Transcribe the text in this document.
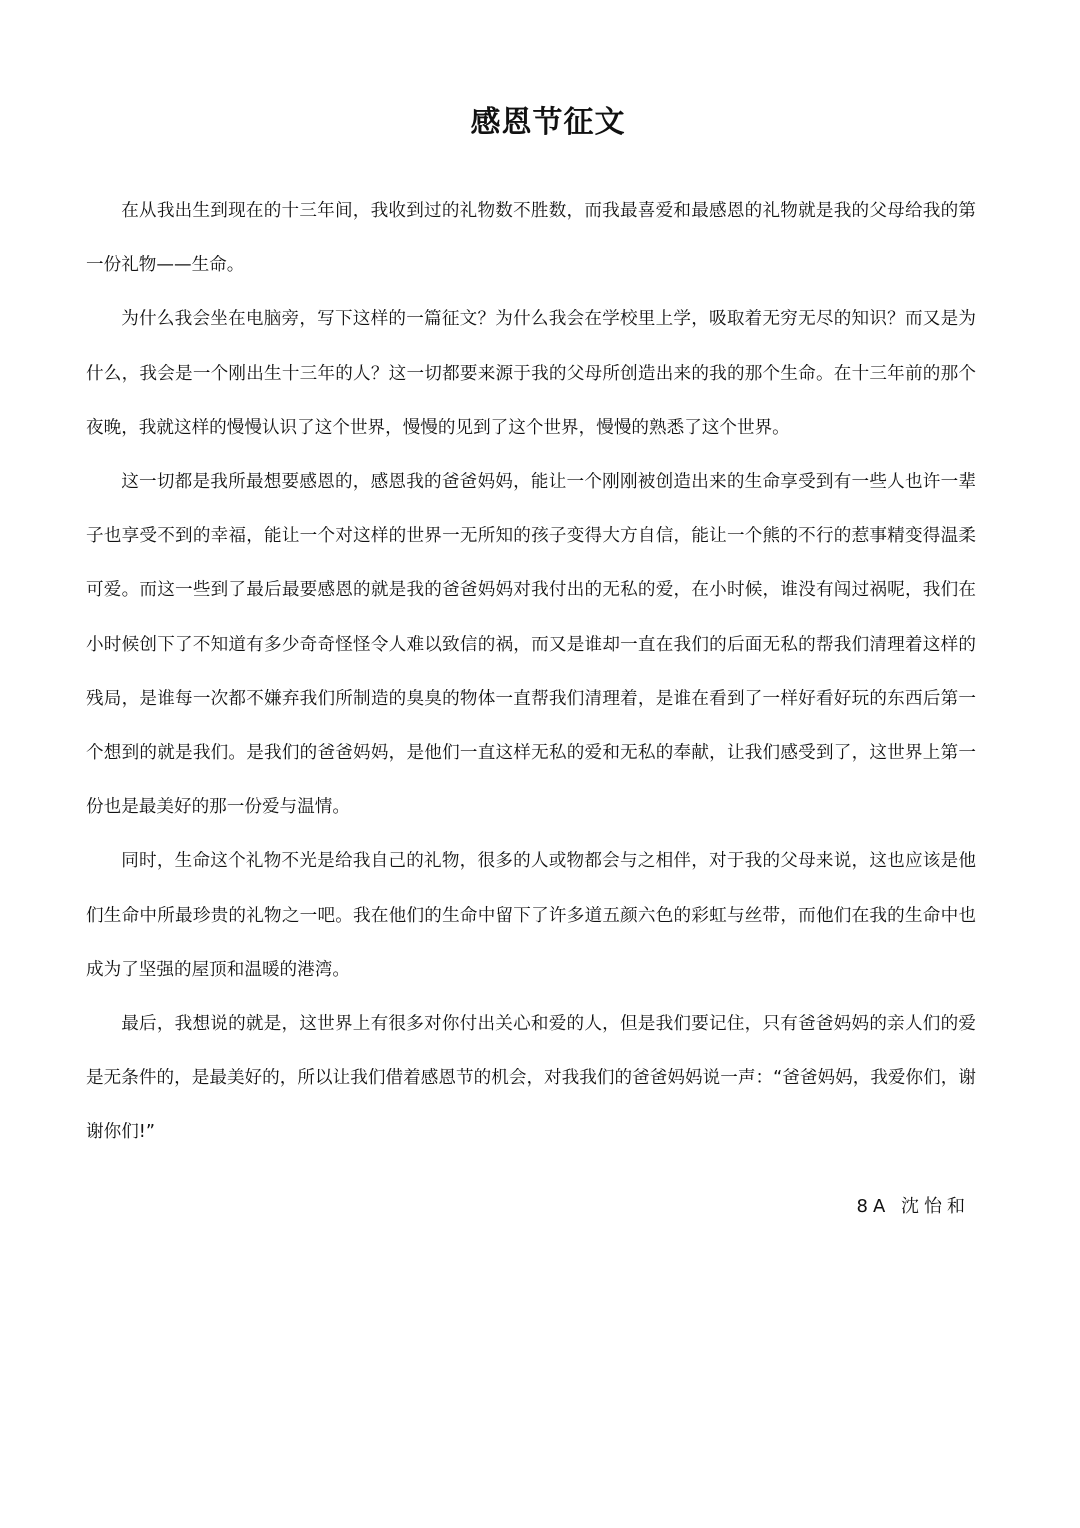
感恩节征文

在从我出生到现在的十三年间，我收到过的礼物数不胜数，而我最喜爱和最感恩的礼物就是我的父母给我的第一份礼物——生命。

为什么我会坐在电脑旁，写下这样的一篇征文？为什么我会在学校里上学，吸取着无穷无尽的知识？而又是为什么，我会是一个刚出生十三年的人？这一切都要来源于我的父母所创造出来的我的那个生命。在十三年前的那个夜晚，我就这样的慢慢认识了这个世界，慢慢的见到了这个世界，慢慢的熟悉了这个世界。

这一切都是我所最想要感恩的，感恩我的爸爸妈妈，能让一个刚刚被创造出来的生命享受到有一些人也许一辈子也享受不到的幸福，能让一个对这样的世界一无所知的孩子变得大方自信，能让一个熊的不行的惹事精变得温柔可爱。而这一些到了最后最要感恩的就是我的爸爸妈妈对我付出的无私的爱，在小时候，谁没有闯过祸呢，我们在小时候创下了不知道有多少奇奇怪怪令人难以致信的祸，而又是谁却一直在我们的后面无私的帮我们清理着这样的残局，是谁每一次都不嫌弃我们所制造的臭臭的物体一直帮我们清理着，是谁在看到了一样好看好玩的东西后第一个想到的就是我们。是我们的爸爸妈妈，是他们一直这样无私的爱和无私的奉献，让我们感受到了，这世界上第一份也是最美好的那一份爱与温情。

同时，生命这个礼物不光是给我自己的礼物，很多的人或物都会与之相伴，对于我的父母来说，这也应该是他们生命中所最珍贵的礼物之一吧。我在他们的生命中留下了许多道五颜六色的彩虹与丝带，而他们在我的生命中也成为了坚强的屋顶和温暖的港湾。

最后，我想说的就是，这世界上有很多对你付出关心和爱的人，但是我们要记住，只有爸爸妈妈的亲人们的爱是无条件的，是最美好的，所以让我们借着感恩节的机会，对我我们的爸爸妈妈说一声：“爸爸妈妈，我爱你们，谢谢你们!”

8A 沈怡和
